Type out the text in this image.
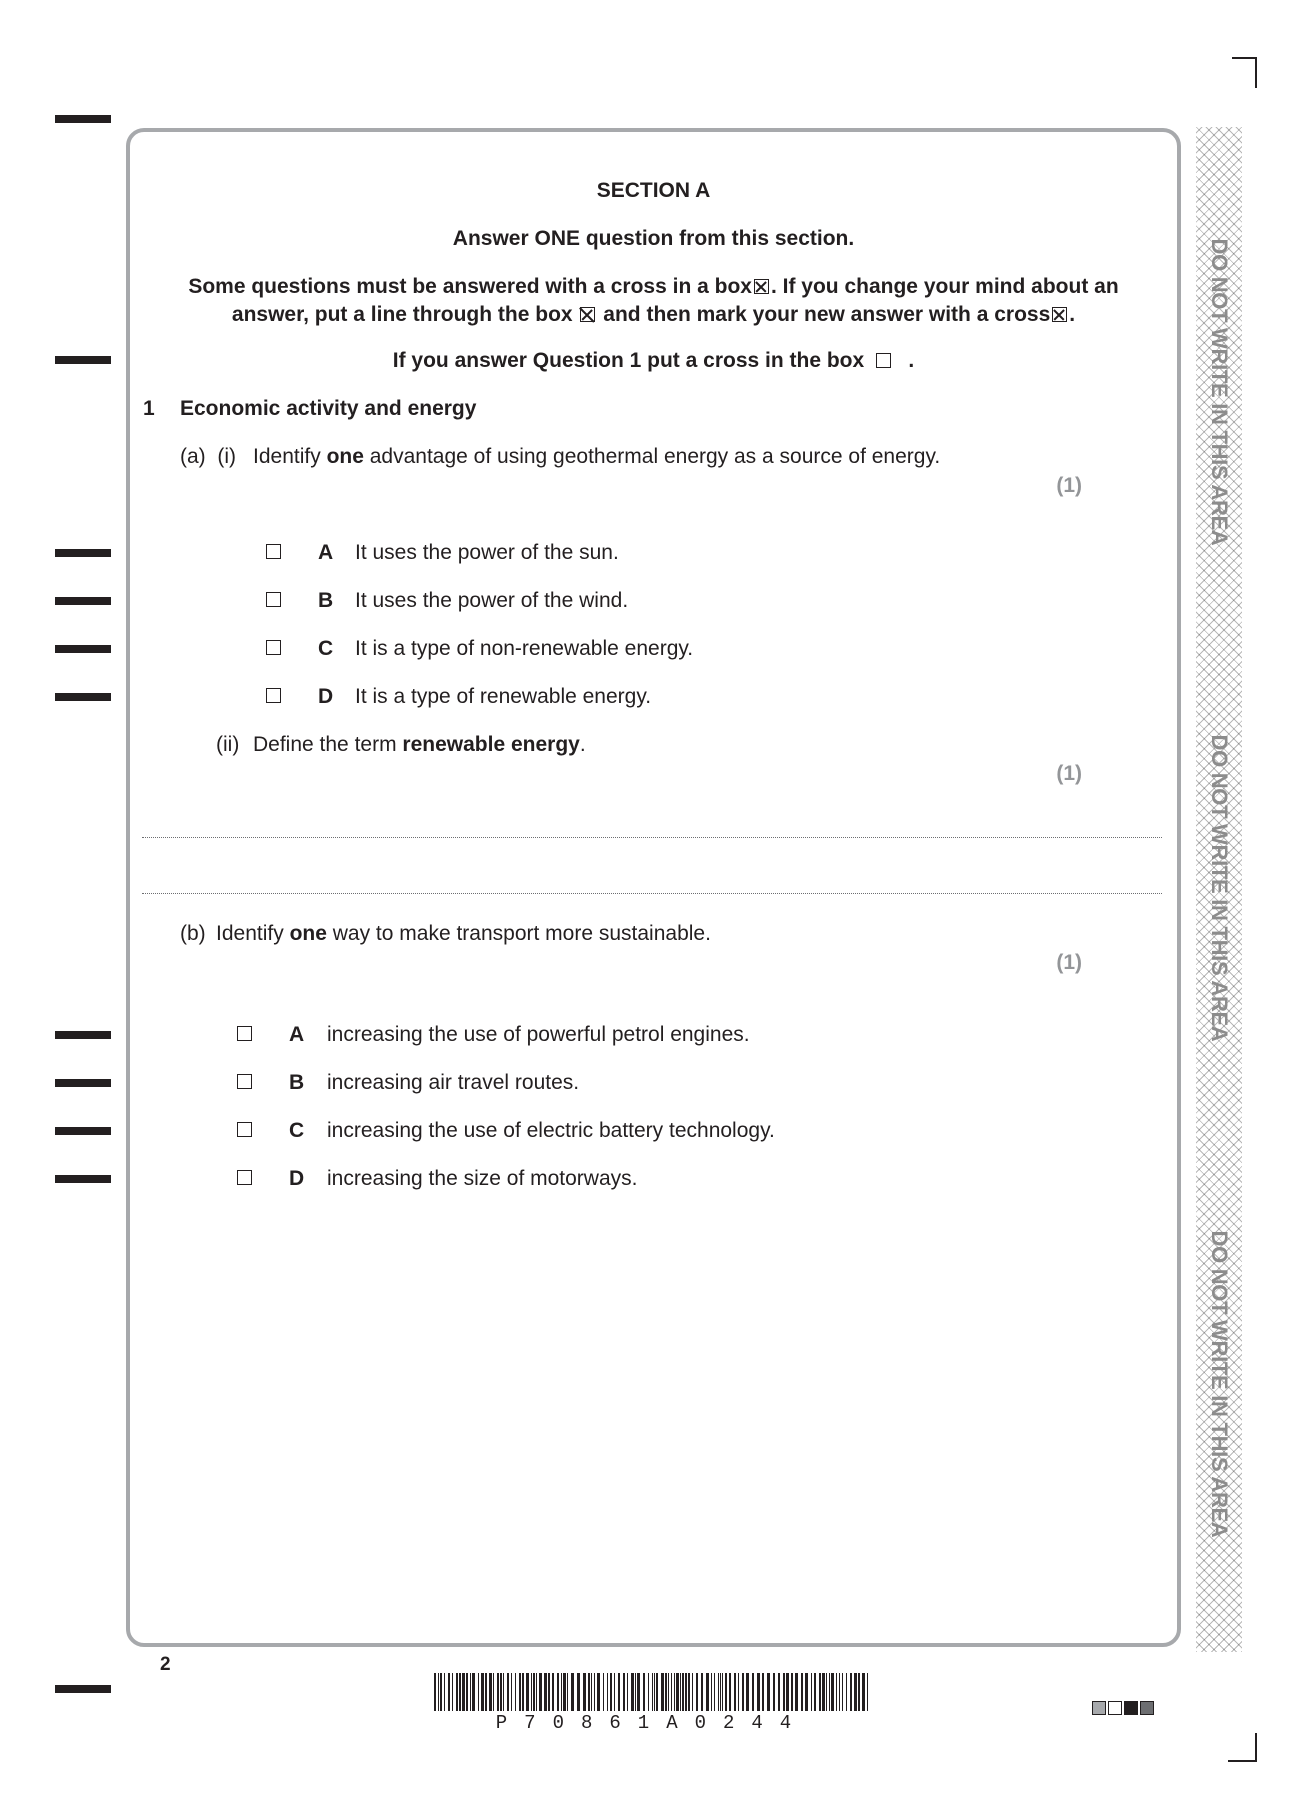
DO NOT WRITE IN THIS AREA
DO NOT WRITE IN THIS AREA
DO NOT WRITE IN THIS AREA
SECTION A
Answer ONE question from this section.
Some questions must be answered with a cross in a box ☒ . If you change your mind about an
answer, put a line through the box and then mark your new answer with a cross ☒ .
If you answer Question 1 put a cross in the box .
1 Economic activity and energy
(a)  (i) Identify one advantage of using geothermal energy as a source of energy.
(1)
A It uses the power of the sun.
B It uses the power of the wind.
C It is a type of non-renewable energy.
D It is a type of renewable energy.
(ii) Define the term renewable energy.
(1)
(b) Identify one way to make transport more sustainable.
(1)
A increasing the use of powerful petrol engines.
B increasing air travel routes.
C increasing the use of electric battery technology.
D increasing the size of motorways.
2
P70861A0244
